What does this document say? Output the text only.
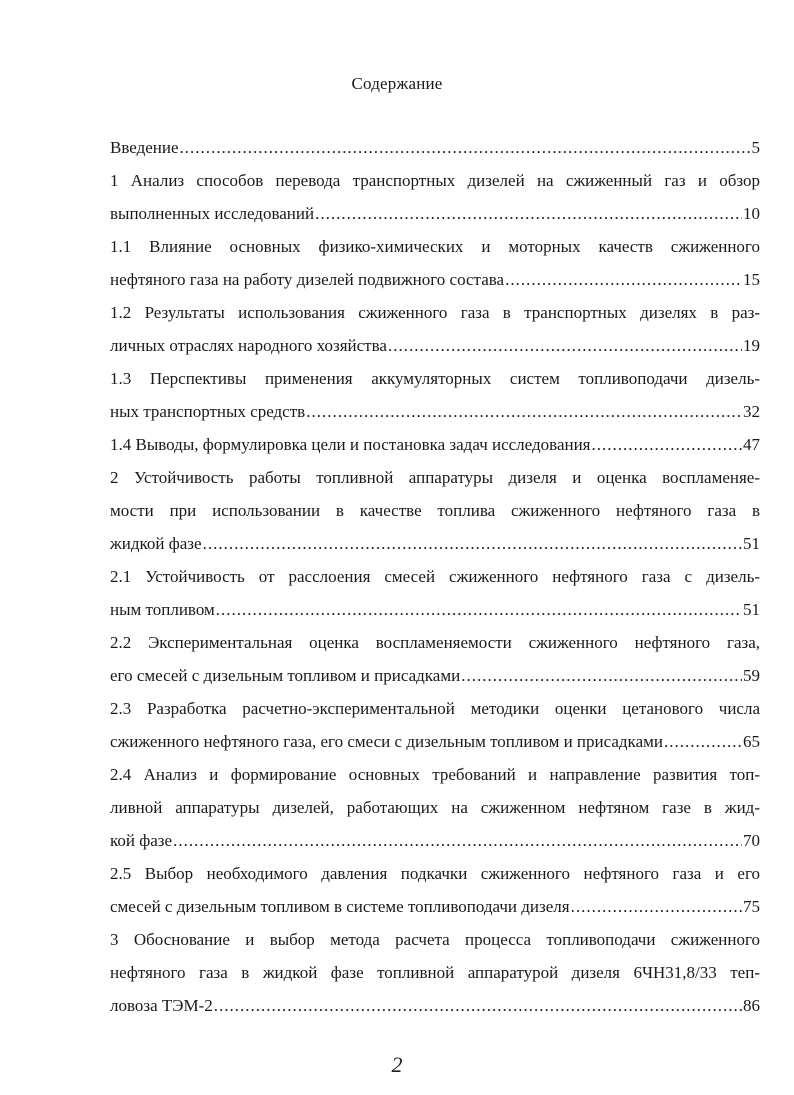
Содержание
Введение .....	5
1 Анализ способов перевода транспортных дизелей на сжиженный газ и обзор
выполненных исследований .....	10
1.1 Влияние основных физико-химических и моторных качеств сжиженного
нефтяного газа на работу дизелей подвижного состава .....	15
1.2 Результаты использования сжиженного газа в транспортных дизелях в раз-
личных отраслях народного хозяйства .....	19
1.3 Перспективы применения аккумуляторных систем топливоподачи дизель-
ных транспортных средств .....	32
1.4 Выводы, формулировка цели и постановка задач исследования .....	47
2 Устойчивость работы топливной аппаратуры дизеля и оценка воспламеняе-
мости при использовании в качестве топлива сжиженного нефтяного газа в
жидкой фазе .....	51
2.1 Устойчивость от расслоения смесей сжиженного нефтяного газа с дизель-
ным топливом .....	51
2.2 Экспериментальная оценка воспламеняемости сжиженного нефтяного газа,
его смесей с дизельным топливом и присадками .....	59
2.3 Разработка расчетно-экспериментальной методики оценки цетанового числа
сжиженного нефтяного газа, его смеси с дизельным топливом и присадками .....	65
2.4 Анализ и формирование основных требований и направление развития топ-
ливной аппаратуры дизелей, работающих на сжиженном нефтяном газе в жид-
кой фазе .....	70
2.5 Выбор необходимого давления подкачки сжиженного нефтяного газа и его
смесей с дизельным топливом в системе топливоподачи дизеля .....	75
3 Обоснование и выбор метода расчета процесса топливоподачи сжиженного
нефтяного газа в жидкой фазе топливной аппаратурой дизеля 6ЧН31,8/33 теп-
ловоза ТЭМ-2 .....	86
2
